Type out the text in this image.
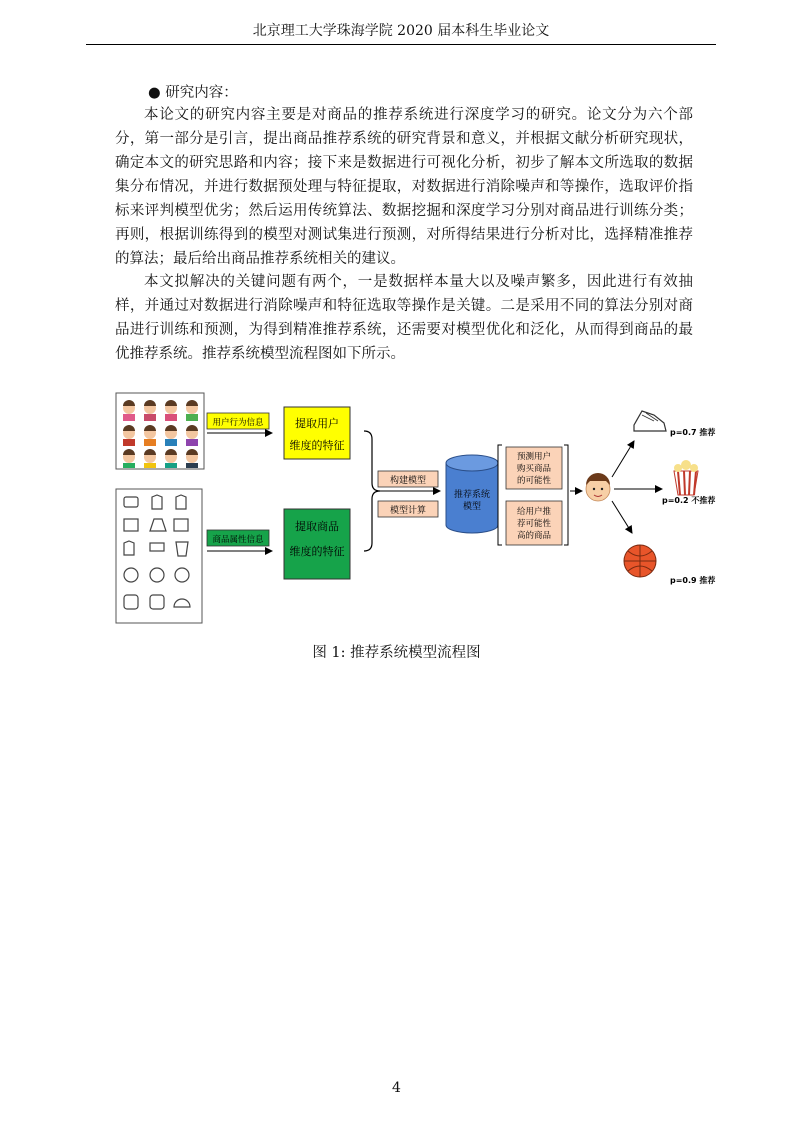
北京理工大学珠海学院 2020 届本科生毕业论文
● 研究内容：

本论文的研究内容主要是对商品的推荐系统进行深度学习的研究。论文分为六个部分，第一部分是引言，提出商品推荐系统的研究背景和意义，并根据文献分析研究现状，确定本文的研究思路和内容；接下来是数据进行可视化分析，初步了解本文所选取的数据集分布情况，并进行数据预处理与特征提取，对数据进行消除噪声和等操作，选取评价指标来评判模型优劣；然后运用传统算法、数据挖掘和深度学习分别对商品进行训练分类；再则，根据训练得到的模型对测试集进行预测，对所得结果进行分析对比，选择精准推荐的算法；最后给出商品推荐系统相关的建议。

本文拟解决的关键问题有两个，一是数据样本量大以及噪声繁多，因此进行有效抽样，并通过对数据进行消除噪声和特征选取等操作是关键。二是采用不同的算法分别对商品进行训练和预测，为得到精准推荐系统，还需要对模型优化和泛化，从而得到商品的最优推荐系统。推荐系统模型流程图如下所示。

用户行为信息
商品属性信息
提取用户
维度的特征
提取商品
维度的特征
构建模型
模型计算
推荐系统
模型
预测用户
购买商品
的可能性
给用户推
荐可能性
高的商品
p=0.7 推荐
p=0.2 不推荐
p=0.9 推荐
图 1: 推荐系统模型流程图
4
